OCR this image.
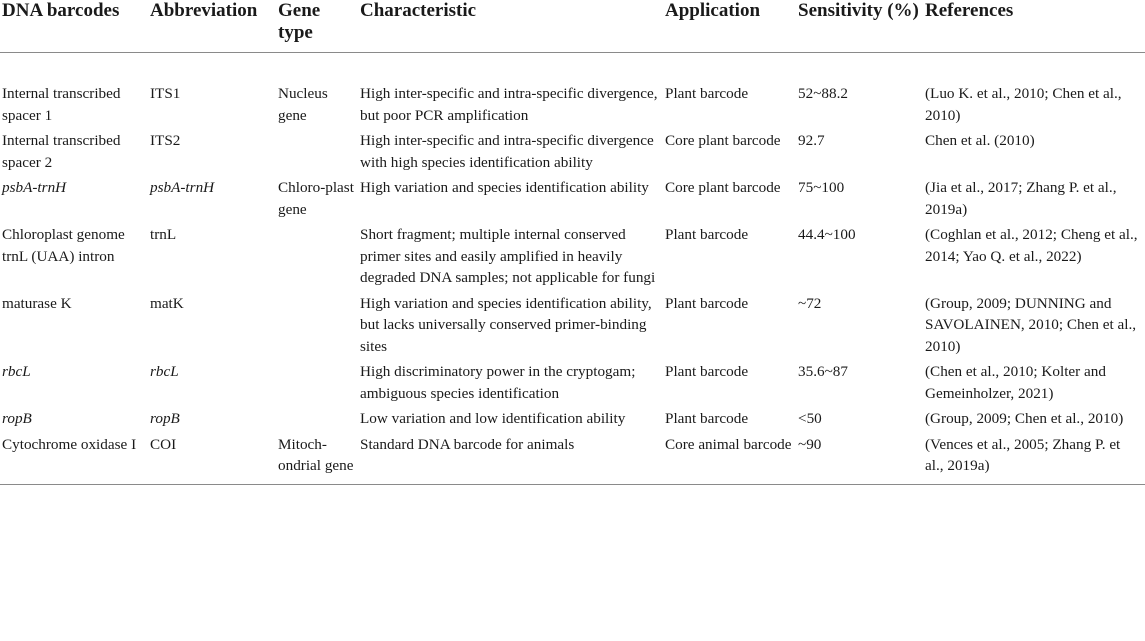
DNA barcodes	Abbreviation	Gene type	Characteristic	Application	Sensitivity (%)	References
Internal transcribed spacer 1	ITS1	Nucleus gene	High inter-specific and intra-specific divergence, but poor PCR amplification	Plant barcode	52~88.2	(Luo K. et al., 2010; Chen et al., 2010)
Internal transcribed spacer 2	ITS2		High inter-specific and intra-specific divergence with high species identification ability	Core plant barcode	92.7	Chen et al. (2010)
psbA-trnH	psbA-trnH	Chloro-plast gene	High variation and species identification ability	Core plant barcode	75~100	(Jia et al., 2017; Zhang P. et al., 2019a)
Chloroplast genome trnL (UAA) intron	trnL		Short fragment; multiple internal conserved primer sites and easily amplified in heavily degraded DNA samples; not applicable for fungi	Plant barcode	44.4~100	(Coghlan et al., 2012; Cheng et al., 2014; Yao Q. et al., 2022)
maturase K	matK		High variation and species identification ability, but lacks universally conserved primer-binding sites	Plant barcode	~72	(Group, 2009; DUNNING and SAVOLAINEN, 2010; Chen et al., 2010)
rbcL	rbcL		High discriminatory power in the cryptogam; ambiguous species identification	Plant barcode	35.6~87	(Chen et al., 2010; Kolter and Gemeinholzer, 2021)
ropB	ropB		Low variation and low identification ability	Plant barcode	<50	(Group, 2009; Chen et al., 2010)
Cytochrome oxidase I	COI	Mitoch-ondrial gene	Standard DNA barcode for animals	Core animal barcode	~90	(Vences et al., 2005; Zhang P. et al., 2019a)
